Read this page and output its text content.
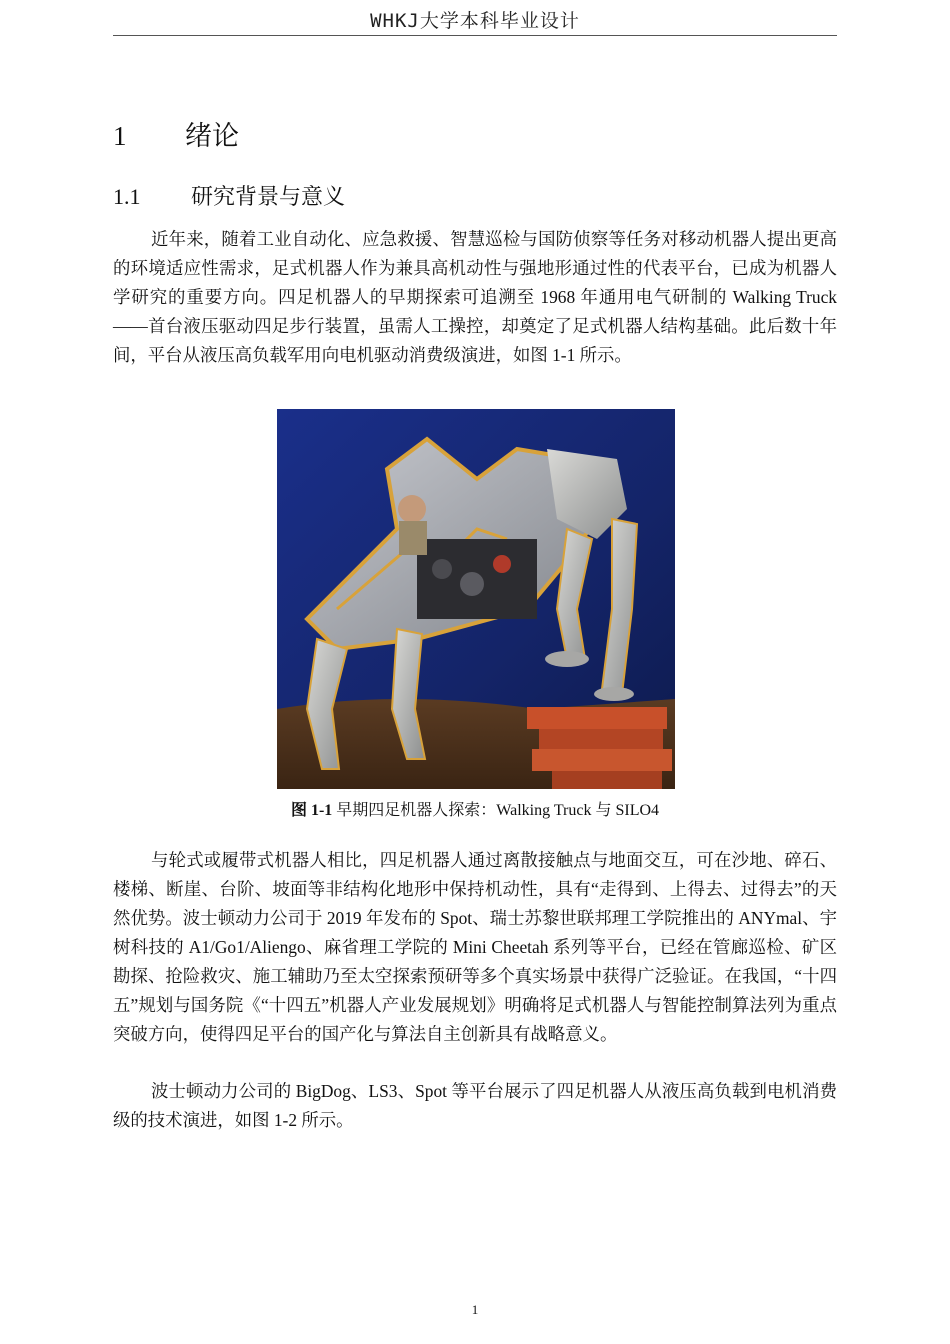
WHKJ大学本科毕业设计
1 绪论
1.1 研究背景与意义

近年来，随着工业自动化、应急救援、智慧巡检与国防侦察等任务对移动机器人提出更高的环境适应性需求，足式机器人作为兼具高机动性与强地形通过性的代表平台，已成为机器人学研究的重要方向。四足机器人的早期探索可追溯至 1968 年通用电气研制的 Walking Truck——首台液压驱动四足步行装置，虽需人工操控，却奠定了足式机器人结构基础。此后数十年间，平台从液压高负载军用向电机驱动消费级演进，如图 1-1 所示。

图 1-1 早期四足机器人探索：Walking Truck 与 SILO4

与轮式或履带式机器人相比，四足机器人通过离散接触点与地面交互，可在沙地、碎石、楼梯、断崖、台阶、坡面等非结构化地形中保持机动性，具有“走得到、上得去、过得去”的天然优势。波士顿动力公司于 2019 年发布的 Spot、瑞士苏黎世联邦理工学院推出的 ANYmal、宇树科技的 A1/Go1/Aliengo、麻省理工学院的 Mini Cheetah 系列等平台，已经在管廊巡检、矿区勘探、抢险救灾、施工辅助乃至太空探索预研等多个真实场景中获得广泛验证。在我国，“十四五”规划与国务院《“十四五”机器人产业发展规划》明确将足式机器人与智能控制算法列为重点突破方向，使得四足平台的国产化与算法自主创新具有战略意义。

波士顿动力公司的 BigDog、LS3、Spot 等平台展示了四足机器人从液压高负载到电机消费级的技术演进，如图 1-2 所示。

1
